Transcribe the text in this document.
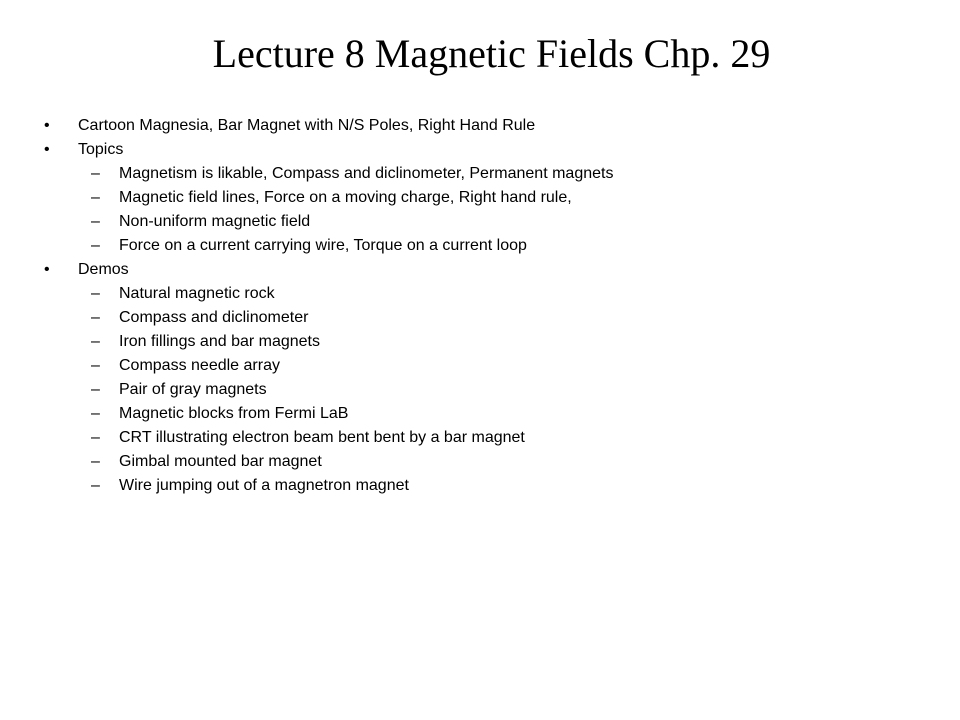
Lecture 8 Magnetic Fields Chp. 29
• Cartoon Magnesia, Bar Magnet with N/S Poles, Right Hand Rule
• Topics
– Magnetism is likable, Compass and diclinometer, Permanent magnets
– Magnetic field lines, Force on a moving charge, Right hand rule,
– Non-uniform magnetic field
– Force on a current carrying wire, Torque on a current loop
• Demos
– Natural magnetic rock
– Compass and diclinometer
– Iron fillings and bar magnets
– Compass needle array
– Pair of gray magnets
– Magnetic blocks from Fermi LaB
– CRT illustrating electron beam bent bent by a bar magnet
– Gimbal mounted bar magnet
– Wire jumping out of a magnetron magnet
